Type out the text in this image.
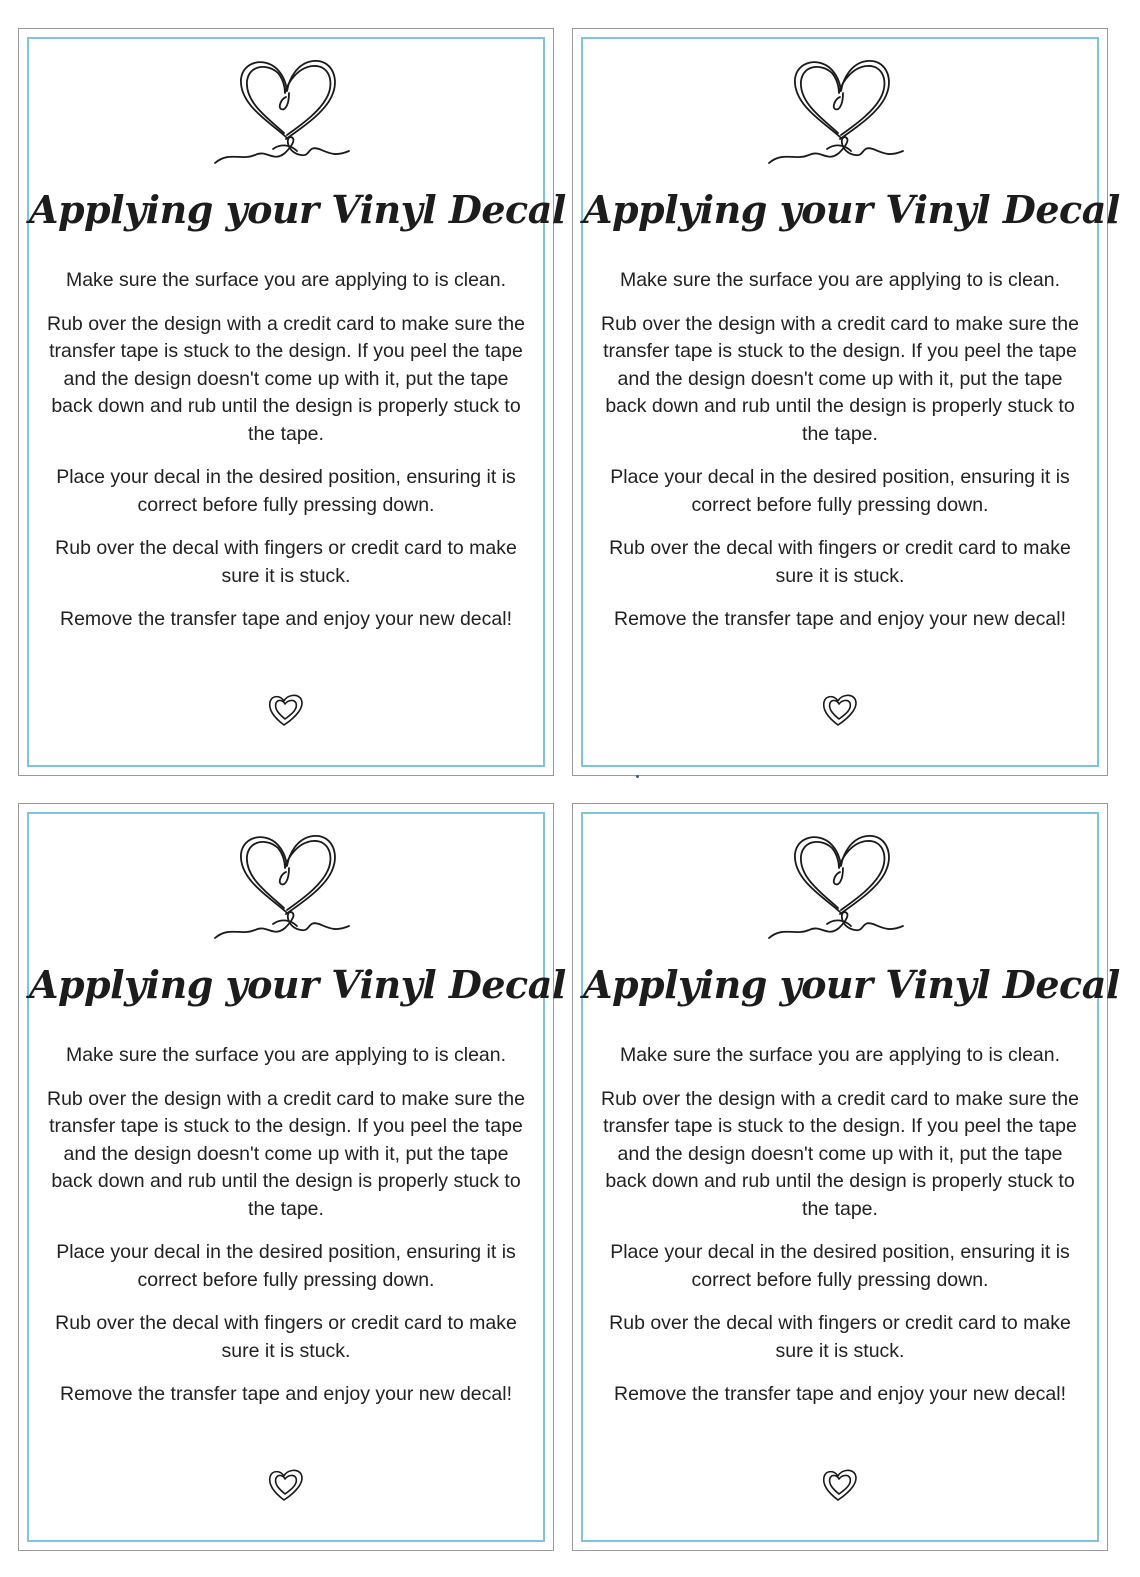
Applying your Vinyl Decal

Make sure the surface you are applying to is clean.

Rub over the design with a credit card to make sure the transfer tape is stuck to the design. If you peel the tape and the design doesn't come up with it, put the tape back down and rub until the design is properly stuck to the tape.

Place your decal in the desired position, ensuring it is correct before fully pressing down.

Rub over the decal with fingers or credit card to make sure it is stuck.

Remove the transfer tape and enjoy your new decal!

Applying your Vinyl Decal

Make sure the surface you are applying to is clean.

Rub over the design with a credit card to make sure the transfer tape is stuck to the design. If you peel the tape and the design doesn't come up with it, put the tape back down and rub until the design is properly stuck to the tape.

Place your decal in the desired position, ensuring it is correct before fully pressing down.

Rub over the decal with fingers or credit card to make sure it is stuck.

Remove the transfer tape and enjoy your new decal!

Applying your Vinyl Decal

Make sure the surface you are applying to is clean.

Rub over the design with a credit card to make sure the transfer tape is stuck to the design. If you peel the tape and the design doesn't come up with it, put the tape back down and rub until the design is properly stuck to the tape.

Place your decal in the desired position, ensuring it is correct before fully pressing down.

Rub over the decal with fingers or credit card to make sure it is stuck.

Remove the transfer tape and enjoy your new decal!

Applying your Vinyl Decal

Make sure the surface you are applying to is clean.

Rub over the design with a credit card to make sure the transfer tape is stuck to the design. If you peel the tape and the design doesn't come up with it, put the tape back down and rub until the design is properly stuck to the tape.

Place your decal in the desired position, ensuring it is correct before fully pressing down.

Rub over the decal with fingers or credit card to make sure it is stuck.

Remove the transfer tape and enjoy your new decal!
